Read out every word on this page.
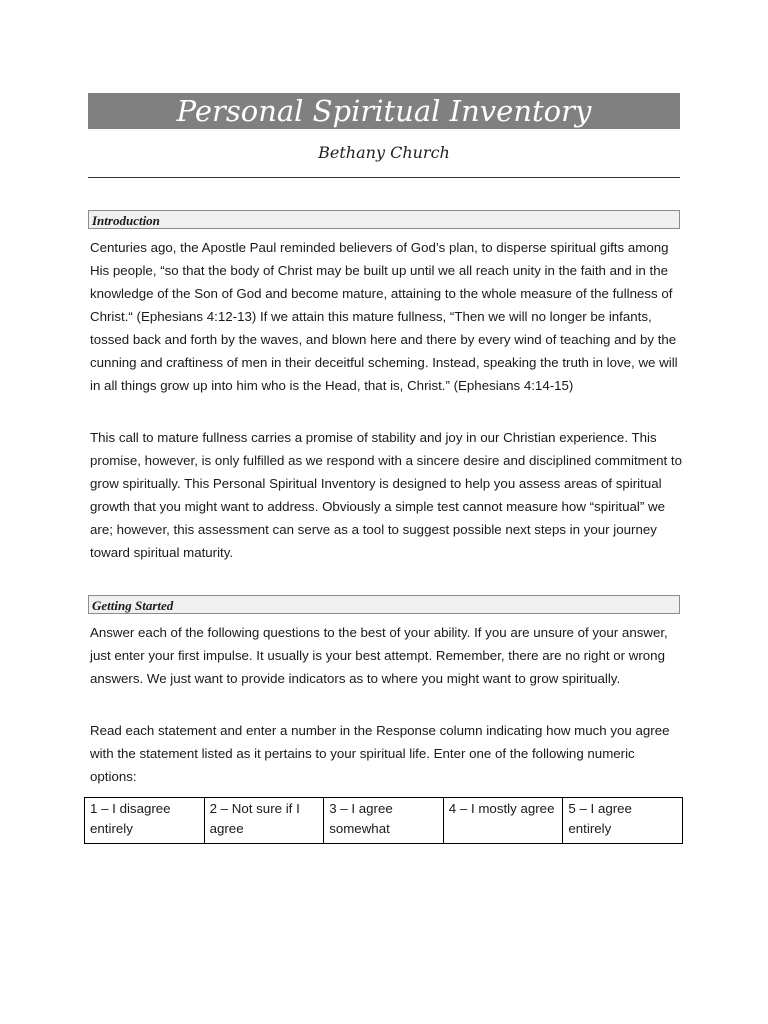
Personal Spiritual Inventory
Bethany Church
Introduction

Centuries ago, the Apostle Paul reminded believers of God’s plan, to disperse spiritual gifts among His people, “so that the body of Christ may be built up until we all reach unity in the faith and in the knowledge of the Son of God and become mature, attaining to the whole measure of the fullness of Christ.“ (Ephesians 4:12-13) If we attain this mature fullness, “Then we will no longer be infants, tossed back and forth by the waves, and blown here and there by every wind of teaching and by the cunning and craftiness of men in their deceitful scheming. Instead, speaking the truth in love, we will in all things grow up into him who is the Head, that is, Christ.” (Ephesians 4:14-15)

This call to mature fullness carries a promise of stability and joy in our Christian experience. This promise, however, is only fulfilled as we respond with a sincere desire and disciplined commitment to grow spiritually. This Personal Spiritual Inventory is designed to help you assess areas of spiritual growth that you might want to address. Obviously a simple test cannot measure how “spiritual” we are; however, this assessment can serve as a tool to suggest possible next steps in your journey toward spiritual maturity.

Getting Started

Answer each of the following questions to the best of your ability. If you are unsure of your answer, just enter your first impulse. It usually is your best attempt. Remember, there are no right or wrong answers. We just want to provide indicators as to where you might want to grow spiritually.

Read each statement and enter a number in the Response column indicating how much you agree with the statement listed as it pertains to your spiritual life. Enter one of the following numeric options:

1 – I disagree entirely	2 – Not sure if I agree	3 – I agree somewhat	4 – I mostly agree	5 – I agree entirely
